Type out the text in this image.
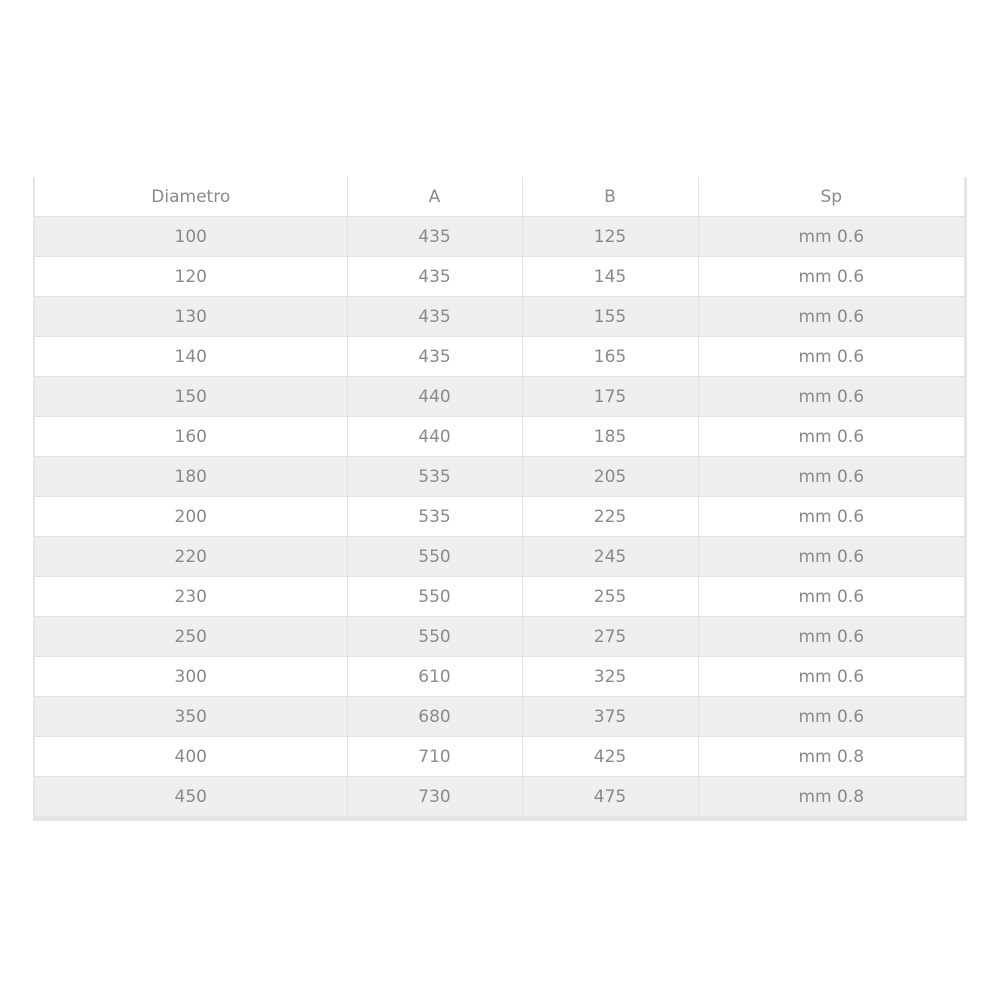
Diametro	A	B	Sp
100	435	125	mm 0.6
120	435	145	mm 0.6
130	435	155	mm 0.6
140	435	165	mm 0.6
150	440	175	mm 0.6
160	440	185	mm 0.6
180	535	205	mm 0.6
200	535	225	mm 0.6
220	550	245	mm 0.6
230	550	255	mm 0.6
250	550	275	mm 0.6
300	610	325	mm 0.6
350	680	375	mm 0.6
400	710	425	mm 0.8
450	730	475	mm 0.8
